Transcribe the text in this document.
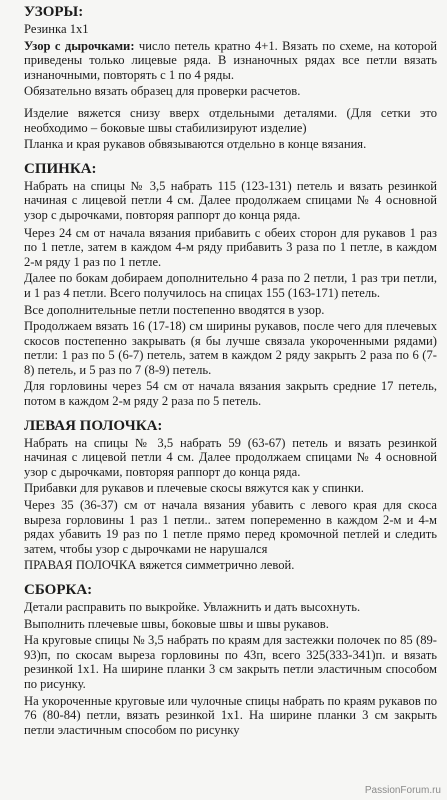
УЗОРЫ:
Резинка 1х1
Узор с дырочками: число петель кратно 4+1. Вязать по схеме, на которой приведены только лицевые ряда. В изнаночных рядах все петли вязать изнаночными, повторять с 1 по 4 ряды.
Обязательно вязать образец для проверки расчетов.
Изделие вяжется снизу вверх отдельными деталями. (Для сетки это необходимо – боковые швы стабилизируют изделие)
Планка и края рукавов обвязываются отдельно в конце вязания.
СПИНКА:
Набрать на спицы № 3,5 набрать 115 (123-131) петель и вязать резинкой начиная с лицевой петли 4 см. Далее продолжаем спицами № 4 основной узор с дырочками, повторяя раппорт до конца ряда.
Через 24 см от начала вязания прибавить с обеих сторон для рукавов 1 раз по 1 петле, затем в каждом 4-м ряду прибавить 3 раза по 1 петле, в каждом 2-м ряду 1 раз по 1 петле.
Далее по бокам добираем дополнительно 4 раза по 2 петли, 1 раз три петли, и 1 раз 4 петли. Всего получилось на спицах 155 (163-171) петель.
Все дополнительные петли постепенно вводятся в узор.
Продолжаем вязать 16 (17-18) см ширины рукавов, после чего для плечевых скосов постепенно закрывать (я бы лучше связала укороченными рядами) петли: 1 раз по 5 (6-7) петель, затем в каждом 2 ряду закрыть 2 раза по 6 (7-8) петель, и 5 раз по 7 (8-9) петель.
Для горловины через 54 см от начала вязания закрыть средние 17 петель, потом в каждом 2-м ряду 2 раза по 5 петель.
ЛЕВАЯ ПОЛОЧКА:
Набрать на спицы № 3,5 набрать 59 (63-67) петель и вязать резинкой начиная с лицевой петли 4 см. Далее продолжаем спицами № 4 основной узор с дырочками, повторяя раппорт до конца ряда.
Прибавки для рукавов и плечевые скосы вяжутся как у спинки.
Через 35 (36-37) см от начала вязания убавить с левого края для скоса выреза горловины 1 раз 1 петли.. затем попеременно в каждом 2-м и 4-м рядах убавить 19 раз по 1 петле прямо перед кромочной петлей и следить затем, чтобы узор с дырочками не нарушался
ПРАВАЯ ПОЛОЧКА вяжется симметрично левой.
СБОРКА:
Детали расправить по выкройке. Увлажнить и дать высохнуть.
Выполнить плечевые швы, боковые швы и швы рукавов.
На круговые спицы № 3,5 набрать по краям для застежки полочек по 85 (89-93)п, по скосам выреза горловины по 43п, всего 325(333-341)п. и вязать резинкой 1х1. На ширине планки 3 см закрыть петли эластичным способом по рисунку.
На укороченные круговые или чулочные спицы набрать по краям рукавов по 76 (80-84) петли, вязать резинкой 1х1. На ширине планки 3 см закрыть петли эластичным способом по рисунку
PassionForum.ru
